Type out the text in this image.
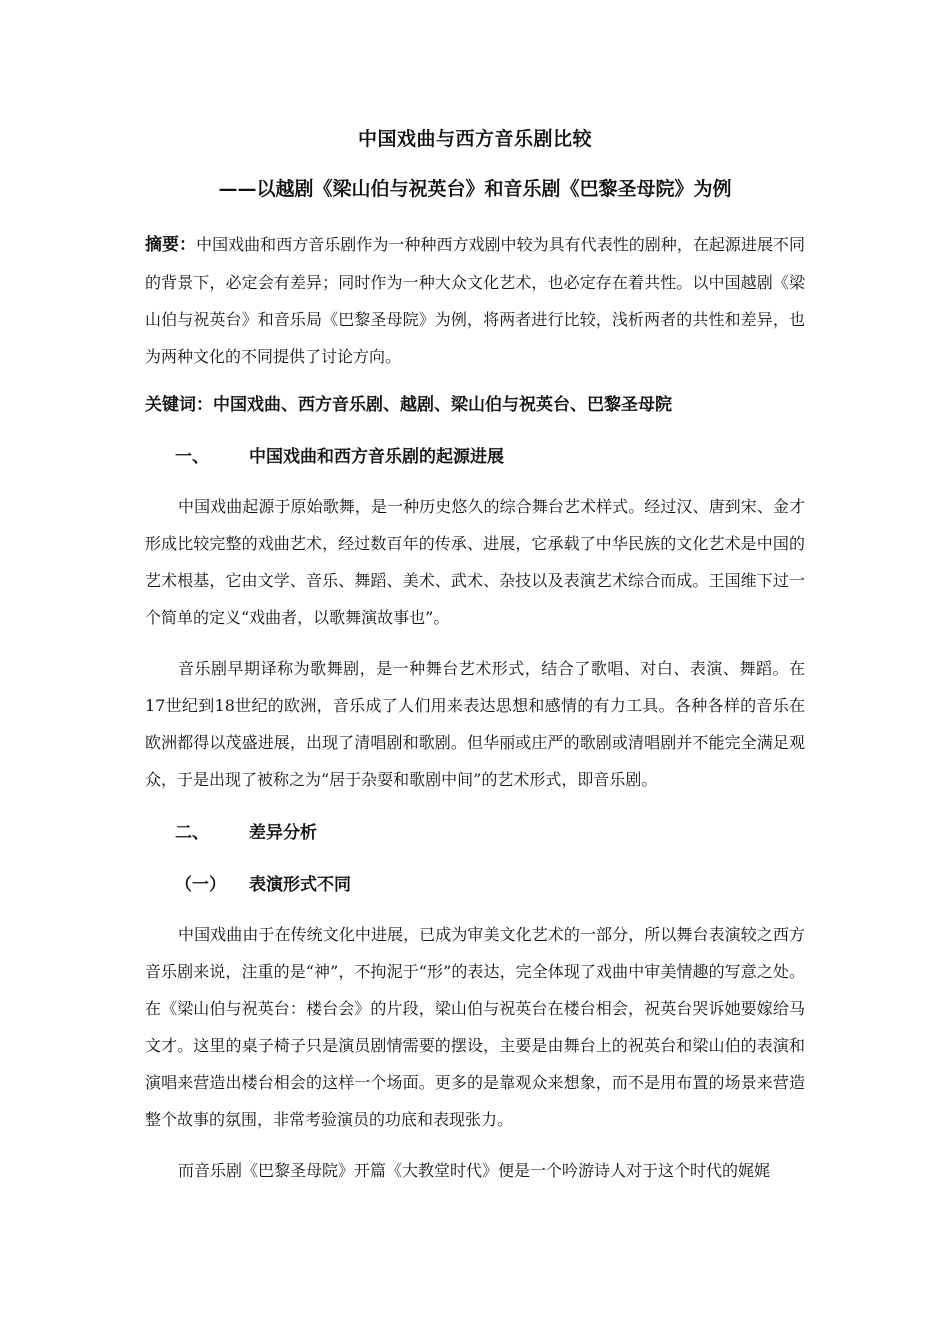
中国戏曲与西方音乐剧比较
——以越剧《梁山伯与祝英台》和音乐剧《巴黎圣母院》为例

摘要：中国戏曲和西方音乐剧作为一种种西方戏剧中较为具有代表性的剧种，在起源进展不同的背景下，必定会有差异；同时作为一种大众文化艺术，也必定存在着共性。以中国越剧《梁山伯与祝英台》和音乐局《巴黎圣母院》为例，将两者进行比较，浅析两者的共性和差异，也为两种文化的不同提供了讨论方向。

关键词：中国戏曲、西方音乐剧、越剧、梁山伯与祝英台、巴黎圣母院
一、 中国戏曲和西方音乐剧的起源进展

中国戏曲起源于原始歌舞，是一种历史悠久的综合舞台艺术样式。经过汉、唐到宋、金才形成比较完整的戏曲艺术，经过数百年的传承、进展，它承载了中华民族的文化艺术是中国的艺术根基，它由文学、音乐、舞蹈、美术、武术、杂技以及表演艺术综合而成。王国维下过一个简单的定义“戏曲者，以歌舞演故事也”。

音乐剧早期译称为歌舞剧，是一种舞台艺术形式，结合了歌唱、对白、表演、舞蹈。在17世纪到18世纪的欧洲，音乐成了人们用来表达思想和感情的有力工具。各种各样的音乐在欧洲都得以茂盛进展，出现了清唱剧和歌剧。但华丽或庄严的歌剧或清唱剧并不能完全满足观众，于是出现了被称之为“居于杂耍和歌剧中间”的艺术形式，即音乐剧。

二、 差异分析
（一） 表演形式不同

中国戏曲由于在传统文化中进展，已成为审美文化艺术的一部分，所以舞台表演较之西方音乐剧来说，注重的是“神”，不拘泥于“形”的表达，完全体现了戏曲中审美情趣的写意之处。在《梁山伯与祝英台：楼台会》的片段，梁山伯与祝英台在楼台相会，祝英台哭诉她要嫁给马文才。这里的桌子椅子只是演员剧情需要的摆设，主要是由舞台上的祝英台和梁山伯的表演和演唱来营造出楼台相会的这样一个场面。更多的是靠观众来想象，而不是用布置的场景来营造整个故事的氛围，非常考验演员的功底和表现张力。

而音乐剧《巴黎圣母院》开篇《大教堂时代》便是一个吟游诗人对于这个时代的娓娓
